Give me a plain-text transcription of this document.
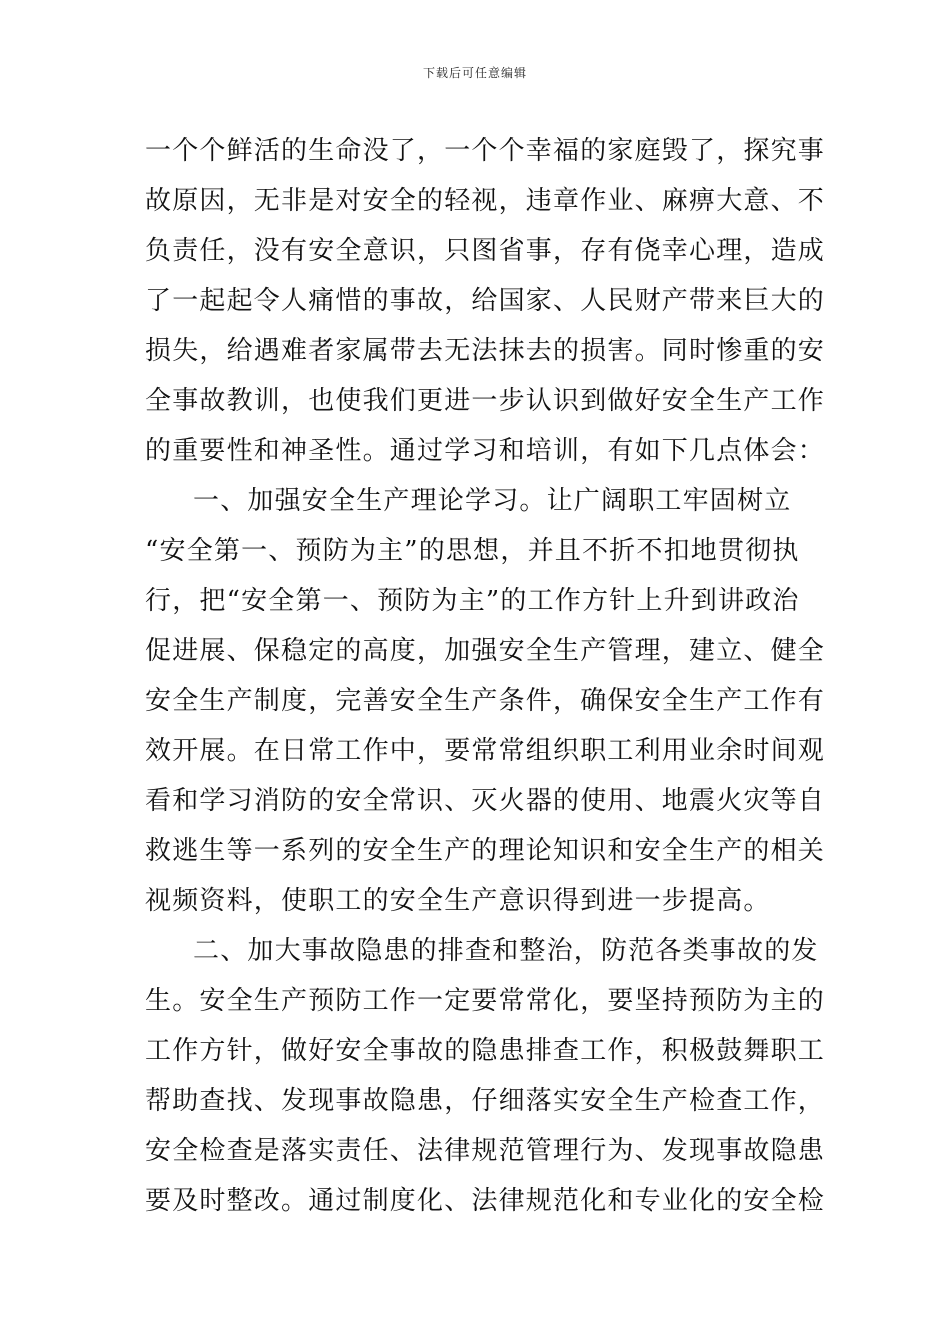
下载后可任意编辑
一个个鲜活的生命没了，一个个幸福的家庭毁了，探究事
故原因，无非是对安全的轻视，违章作业、麻痹大意、不
负责任，没有安全意识，只图省事，存有侥幸心理，造成
了一起起令人痛惜的事故，给国家、人民财产带来巨大的
损失，给遇难者家属带去无法抹去的损害。同时惨重的安
全事故教训，也使我们更进一步认识到做好安全生产工作
的重要性和神圣性。通过学习和培训，有如下几点体会：
一、加强安全生产理论学习。让广阔职工牢固树立
“安全第一、预防为主”的思想，并且不折不扣地贯彻执
行，把“安全第一、预防为主”的工作方针上升到讲政治
促进展、保稳定的高度，加强安全生产管理，建立、健全
安全生产制度，完善安全生产条件，确保安全生产工作有
效开展。在日常工作中，要常常组织职工利用业余时间观
看和学习消防的安全常识、灭火器的使用、地震火灾等自
救逃生等一系列的安全生产的理论知识和安全生产的相关
视频资料，使职工的安全生产意识得到进一步提高。
二、加大事故隐患的排查和整治，防范各类事故的发
生。安全生产预防工作一定要常常化，要坚持预防为主的
工作方针，做好安全事故的隐患排查工作，积极鼓舞职工
帮助查找、发现事故隐患，仔细落实安全生产检查工作，
安全检查是落实责任、法律规范管理行为、发现事故隐患
要及时整改。通过制度化、法律规范化和专业化的安全检
